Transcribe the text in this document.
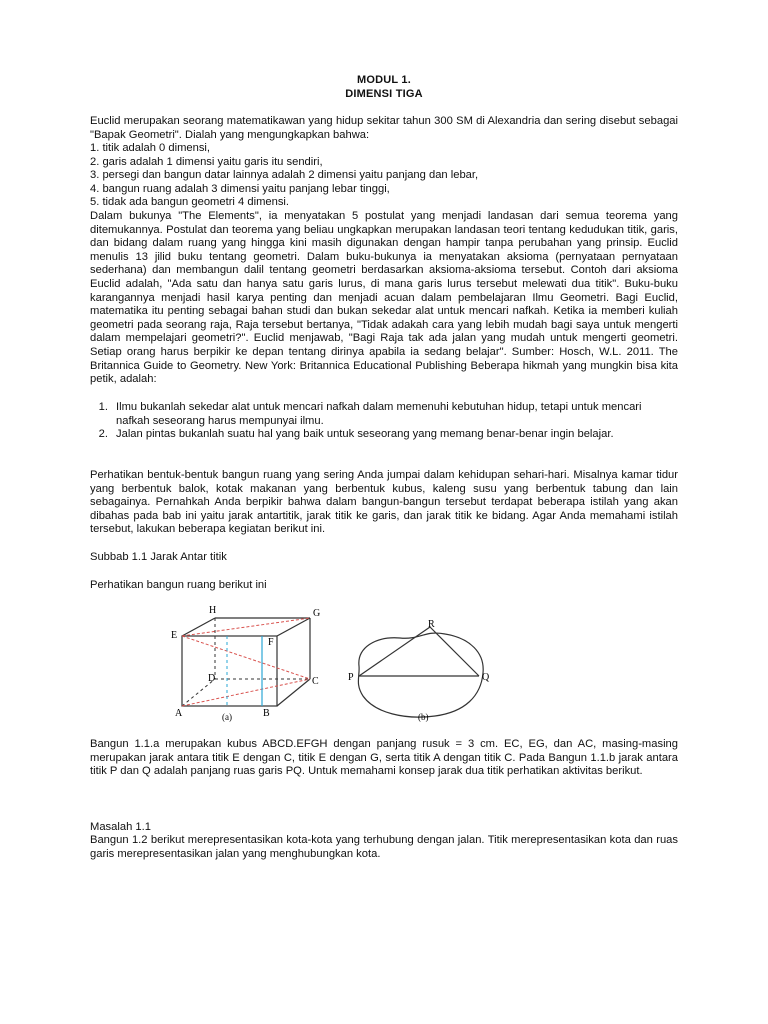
MODUL 1.
DIMENSI TIGA
Euclid merupakan seorang matematikawan yang hidup sekitar tahun 300 SM di Alexandria dan sering disebut sebagai "Bapak Geometri". Dialah yang mengungkapkan bahwa:
1. titik adalah 0 dimensi,
2. garis adalah 1 dimensi yaitu garis itu sendiri,
3. persegi dan bangun datar lainnya adalah 2 dimensi yaitu panjang dan lebar,
4. bangun ruang adalah 3 dimensi yaitu panjang lebar tinggi,
5. tidak ada bangun geometri 4 dimensi.
Dalam bukunya "The Elements", ia menyatakan 5 postulat yang menjadi landasan dari semua teorema yang ditemukannya. Postulat dan teorema yang beliau ungkapkan merupakan landasan teori tentang kedudukan titik, garis, dan bidang dalam ruang yang hingga kini masih digunakan dengan hampir tanpa perubahan yang prinsip. Euclid menulis 13 jilid buku tentang geometri. Dalam buku-bukunya ia menyatakan aksioma (pernyataan pernyataan sederhana) dan membangun dalil tentang geometri berdasarkan aksioma-aksioma tersebut. Contoh dari aksioma Euclid adalah, "Ada satu dan hanya satu garis lurus, di mana garis lurus tersebut melewati dua titik". Buku-buku karangannya menjadi hasil karya penting dan menjadi acuan dalam pembelajaran Ilmu Geometri. Bagi Euclid, matematika itu penting sebagai bahan studi dan bukan sekedar alat untuk mencari nafkah. Ketika ia memberi kuliah geometri pada seorang raja, Raja tersebut bertanya, "Tidak adakah cara yang lebih mudah bagi saya untuk mengerti dalam mempelajari geometri?". Euclid menjawab, "Bagi Raja tak ada jalan yang mudah untuk mengerti geometri. Setiap orang harus berpikir ke depan tentang dirinya apabila ia sedang belajar". Sumber: Hosch, W.L. 2011. The Britannica Guide to Geometry. New York: Britannica Educational Publishing Beberapa hikmah yang mungkin bisa kita petik, adalah:
1. Ilmu bukanlah sekedar alat untuk mencari nafkah dalam memenuhi kebutuhan hidup, tetapi untuk mencari nafkah seseorang harus mempunyai ilmu.
2. Jalan pintas bukanlah suatu hal yang baik untuk seseorang yang memang benar-benar ingin belajar.
Perhatikan bentuk-bentuk bangun ruang yang sering Anda jumpai dalam kehidupan sehari-hari. Misalnya kamar tidur yang berbentuk balok, kotak makanan yang berbentuk kubus, kaleng susu yang berbentuk tabung dan lain sebagainya. Pernahkah Anda berpikir bahwa dalam bangun-bangun tersebut terdapat beberapa istilah yang akan dibahas pada bab ini yaitu jarak antartitik, jarak titik ke garis, dan jarak titik ke bidang. Agar Anda memahami istilah tersebut, lakukan beberapa kegiatan berikut ini.
Subbab 1.1 Jarak Antar titik
Perhatikan bangun ruang berikut ini
H	G
E
F
D	C
A	B
(a)
R
P	Q
(b)
Bangun 1.1.a merupakan kubus ABCD.EFGH dengan panjang rusuk = 3 cm. EC, EG, dan AC, masing-masing merupakan jarak antara titik E dengan C, titik E dengan G, serta titik A dengan titik C. Pada Bangun 1.1.b jarak antara titik P dan Q adalah panjang ruas garis PQ. Untuk memahami konsep jarak dua titik perhatikan aktivitas berikut.
Masalah 1.1
Bangun 1.2 berikut merepresentasikan kota-kota yang terhubung dengan jalan. Titik merepresentasikan kota dan ruas garis merepresentasikan jalan yang menghubungkan kota.
